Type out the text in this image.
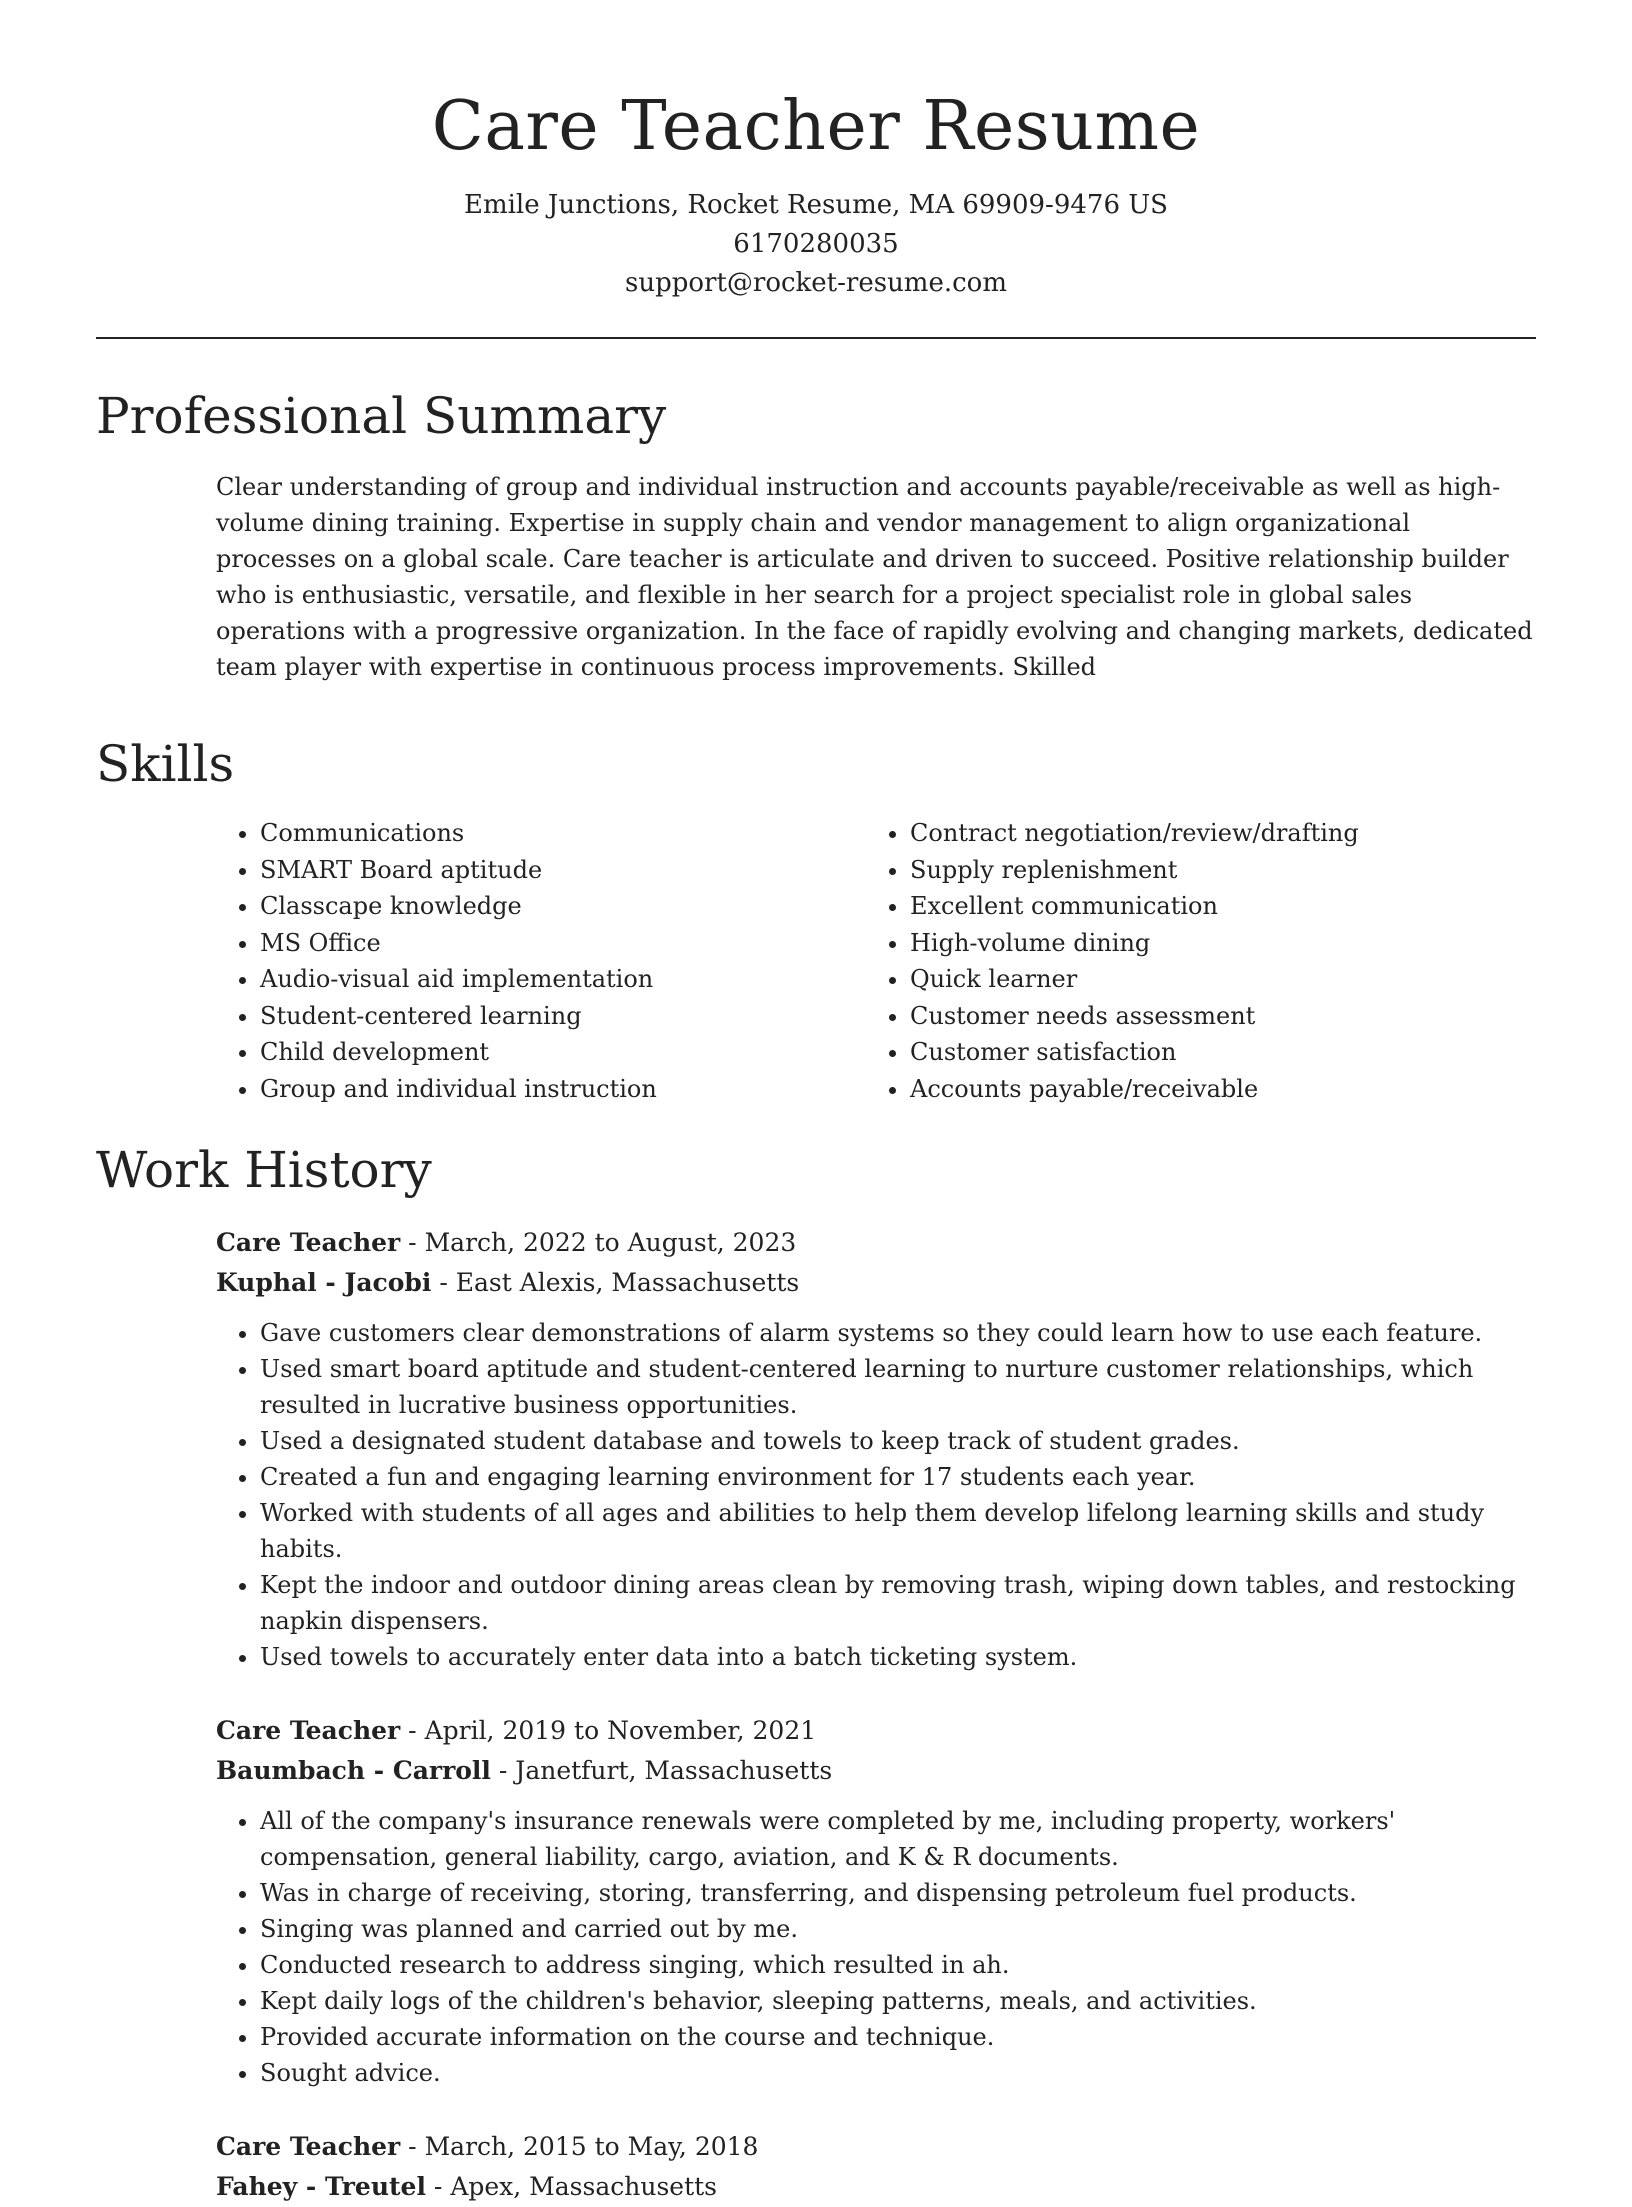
Care Teacher Resume
Emile Junctions, Rocket Resume, MA 69909-9476 US
6170280035
support@rocket-resume.com
Professional Summary

Clear understanding of group and individual instruction and accounts payable/receivable as well as high-volume dining training. Expertise in supply chain and vendor management to align organizational processes on a global scale. Care teacher is articulate and driven to succeed. Positive relationship builder who is enthusiastic, versatile, and flexible in her search for a project specialist role in global sales operations with a progressive organization. In the face of rapidly evolving and changing markets, dedicated team player with expertise in continuous process improvements. Skilled

Skills
• Communications
• SMART Board aptitude
• Classcape knowledge
• MS Office
• Audio-visual aid implementation
• Student-centered learning
• Child development
• Group and individual instruction
• Contract negotiation/review/drafting
• Supply replenishment
• Excellent communication
• High-volume dining
• Quick learner
• Customer needs assessment
• Customer satisfaction
• Accounts payable/receivable
Work History
Care Teacher - March, 2022 to August, 2023
Kuphal - Jacobi - East Alexis, Massachusetts
• Gave customers clear demonstrations of alarm systems so they could learn how to use each feature.
• Used smart board aptitude and student-centered learning to nurture customer relationships, which resulted in lucrative business opportunities.
• Used a designated student database and towels to keep track of student grades.
• Created a fun and engaging learning environment for 17 students each year.
• Worked with students of all ages and abilities to help them develop lifelong learning skills and study habits.
• Kept the indoor and outdoor dining areas clean by removing trash, wiping down tables, and restocking napkin dispensers.
• Used towels to accurately enter data into a batch ticketing system.
Care Teacher - April, 2019 to November, 2021
Baumbach - Carroll - Janetfurt, Massachusetts
• All of the company's insurance renewals were completed by me, including property, workers' compensation, general liability, cargo, aviation, and K & R documents.
• Was in charge of receiving, storing, transferring, and dispensing petroleum fuel products.
• Singing was planned and carried out by me.
• Conducted research to address singing, which resulted in ah.
• Kept daily logs of the children's behavior, sleeping patterns, meals, and activities.
• Provided accurate information on the course and technique.
• Sought advice.
Care Teacher - March, 2015 to May, 2018
Fahey - Treutel - Apex, Massachusetts
